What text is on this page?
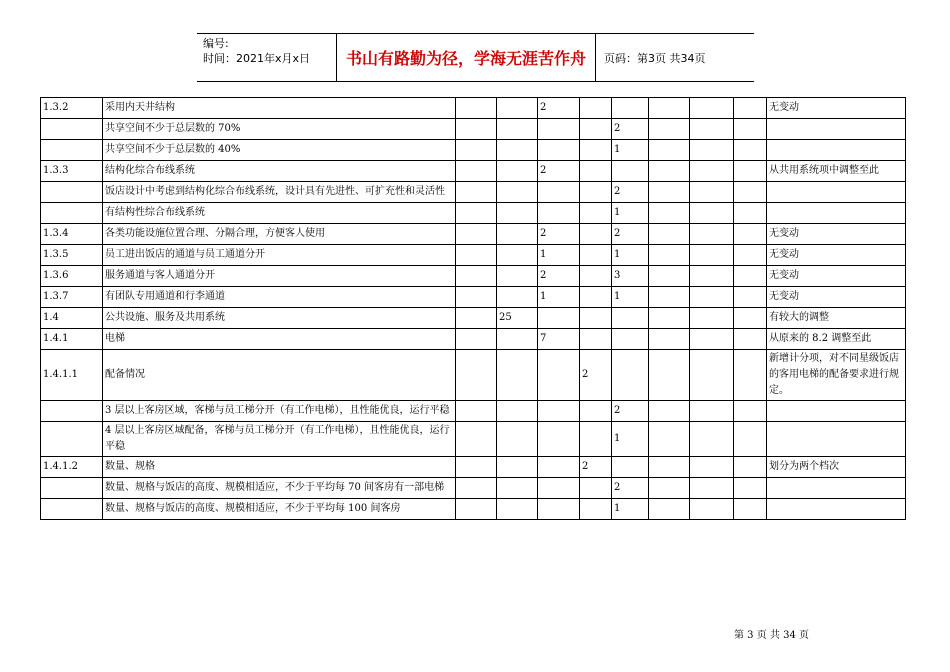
编号:
时间：2021年x月x日	书山有路勤为径，学海无涯苦作舟	页码：第3页 共34页
1.3.2	采用内天井结构			2						无变动
	共享空间不少于总层数的 70%					2				
	共享空间不少于总层数的 40%					1				
1.3.3	结构化综合布线系统			2						从共用系统项中调整至此
	饭店设计中考虑到结构化综合布线系统，设计具有先进性、可扩充性和灵活性					2				
	有结构性综合布线系统					1				
1.3.4	各类功能设施位置合理、分隔合理，方便客人使用			2		2				无变动
1.3.5	员工进出饭店的通道与员工通道分开			1		1				无变动
1.3.6	服务通道与客人通道分开			2		3				无变动
1.3.7	有团队专用通道和行李通道			1		1				无变动
1.4	公共设施、服务及共用系统		25							有较大的调整
1.4.1	电梯			7						从原来的 8.2 调整至此
1.4.1.1	配备情况				2					新增计分项，对不同星级饭店的客用电梯的配备要求进行规定。
	3 层以上客房区域，客梯与员工梯分开（有工作电梯），且性能优良，运行平稳					2				
	4 层以上客房区域配备，客梯与员工梯分开（有工作电梯），且性能优良，运行平稳					1				
1.4.1.2	数量、规格				2					划分为两个档次
	数量、规格与饭店的高度、规模相适应，不少于平均每 70 间客房有一部电梯					2				
	数量、规格与饭店的高度、规模相适应，不少于平均每 100 间客房					1				
第 3 页 共 34 页
